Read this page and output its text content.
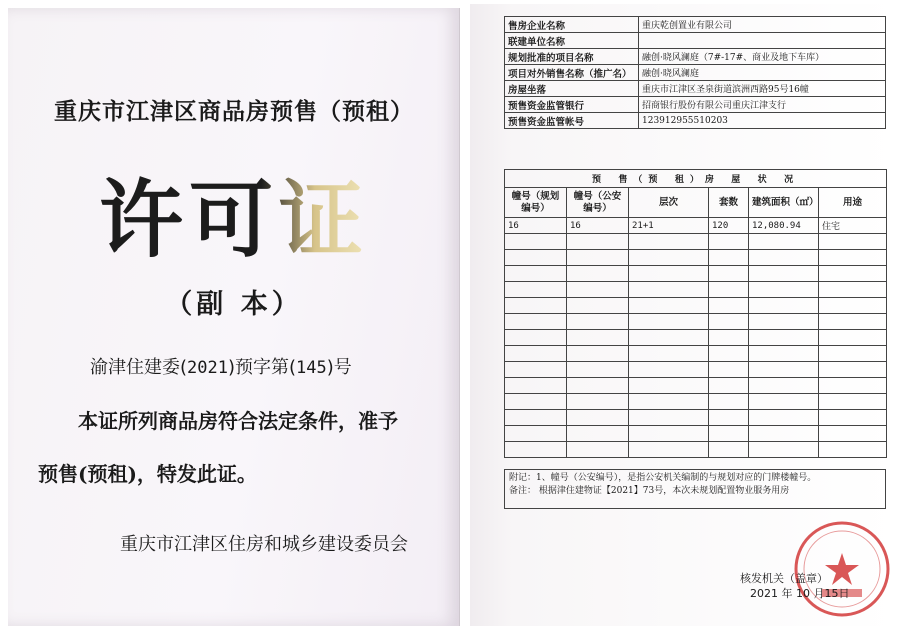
重庆市江津区商品房预售（预租）
许可证
（副 本）
渝津住建委(2021)预字第(145)号
本证所列商品房符合法定条件，准予
预售(预租)，特发此证。
重庆市江津区住房和城乡建设委员会
售房企业名称	重庆乾创置业有限公司
联建单位名称	
规划批准的项目名称	融创·晓风澜庭（7#-17#、商业及地下车库）
项目对外销售名称（推广名）	融创·晓风澜庭
房屋坐落	重庆市江津区圣泉街道滨洲西路95号16幢
预售资金监管银行	招商银行股份有限公司重庆江津支行
预售资金监管帐号	123912955510203
预 售（预 租）房 屋 状 况					
幢号（规划编号）	幢号（公安编号）	层次	套数	建筑面积（㎡）	用途
16	16	21+1	120	12,080.94	住宅

附记：1、幢号（公安编号），是指公安机关编制的与规划对应的门牌楼幢号。
备注： 根据津住建物证【2021】73号，本次未规划配置物业服务用房
核发机关（盖章）
2021 年 10 月15日
